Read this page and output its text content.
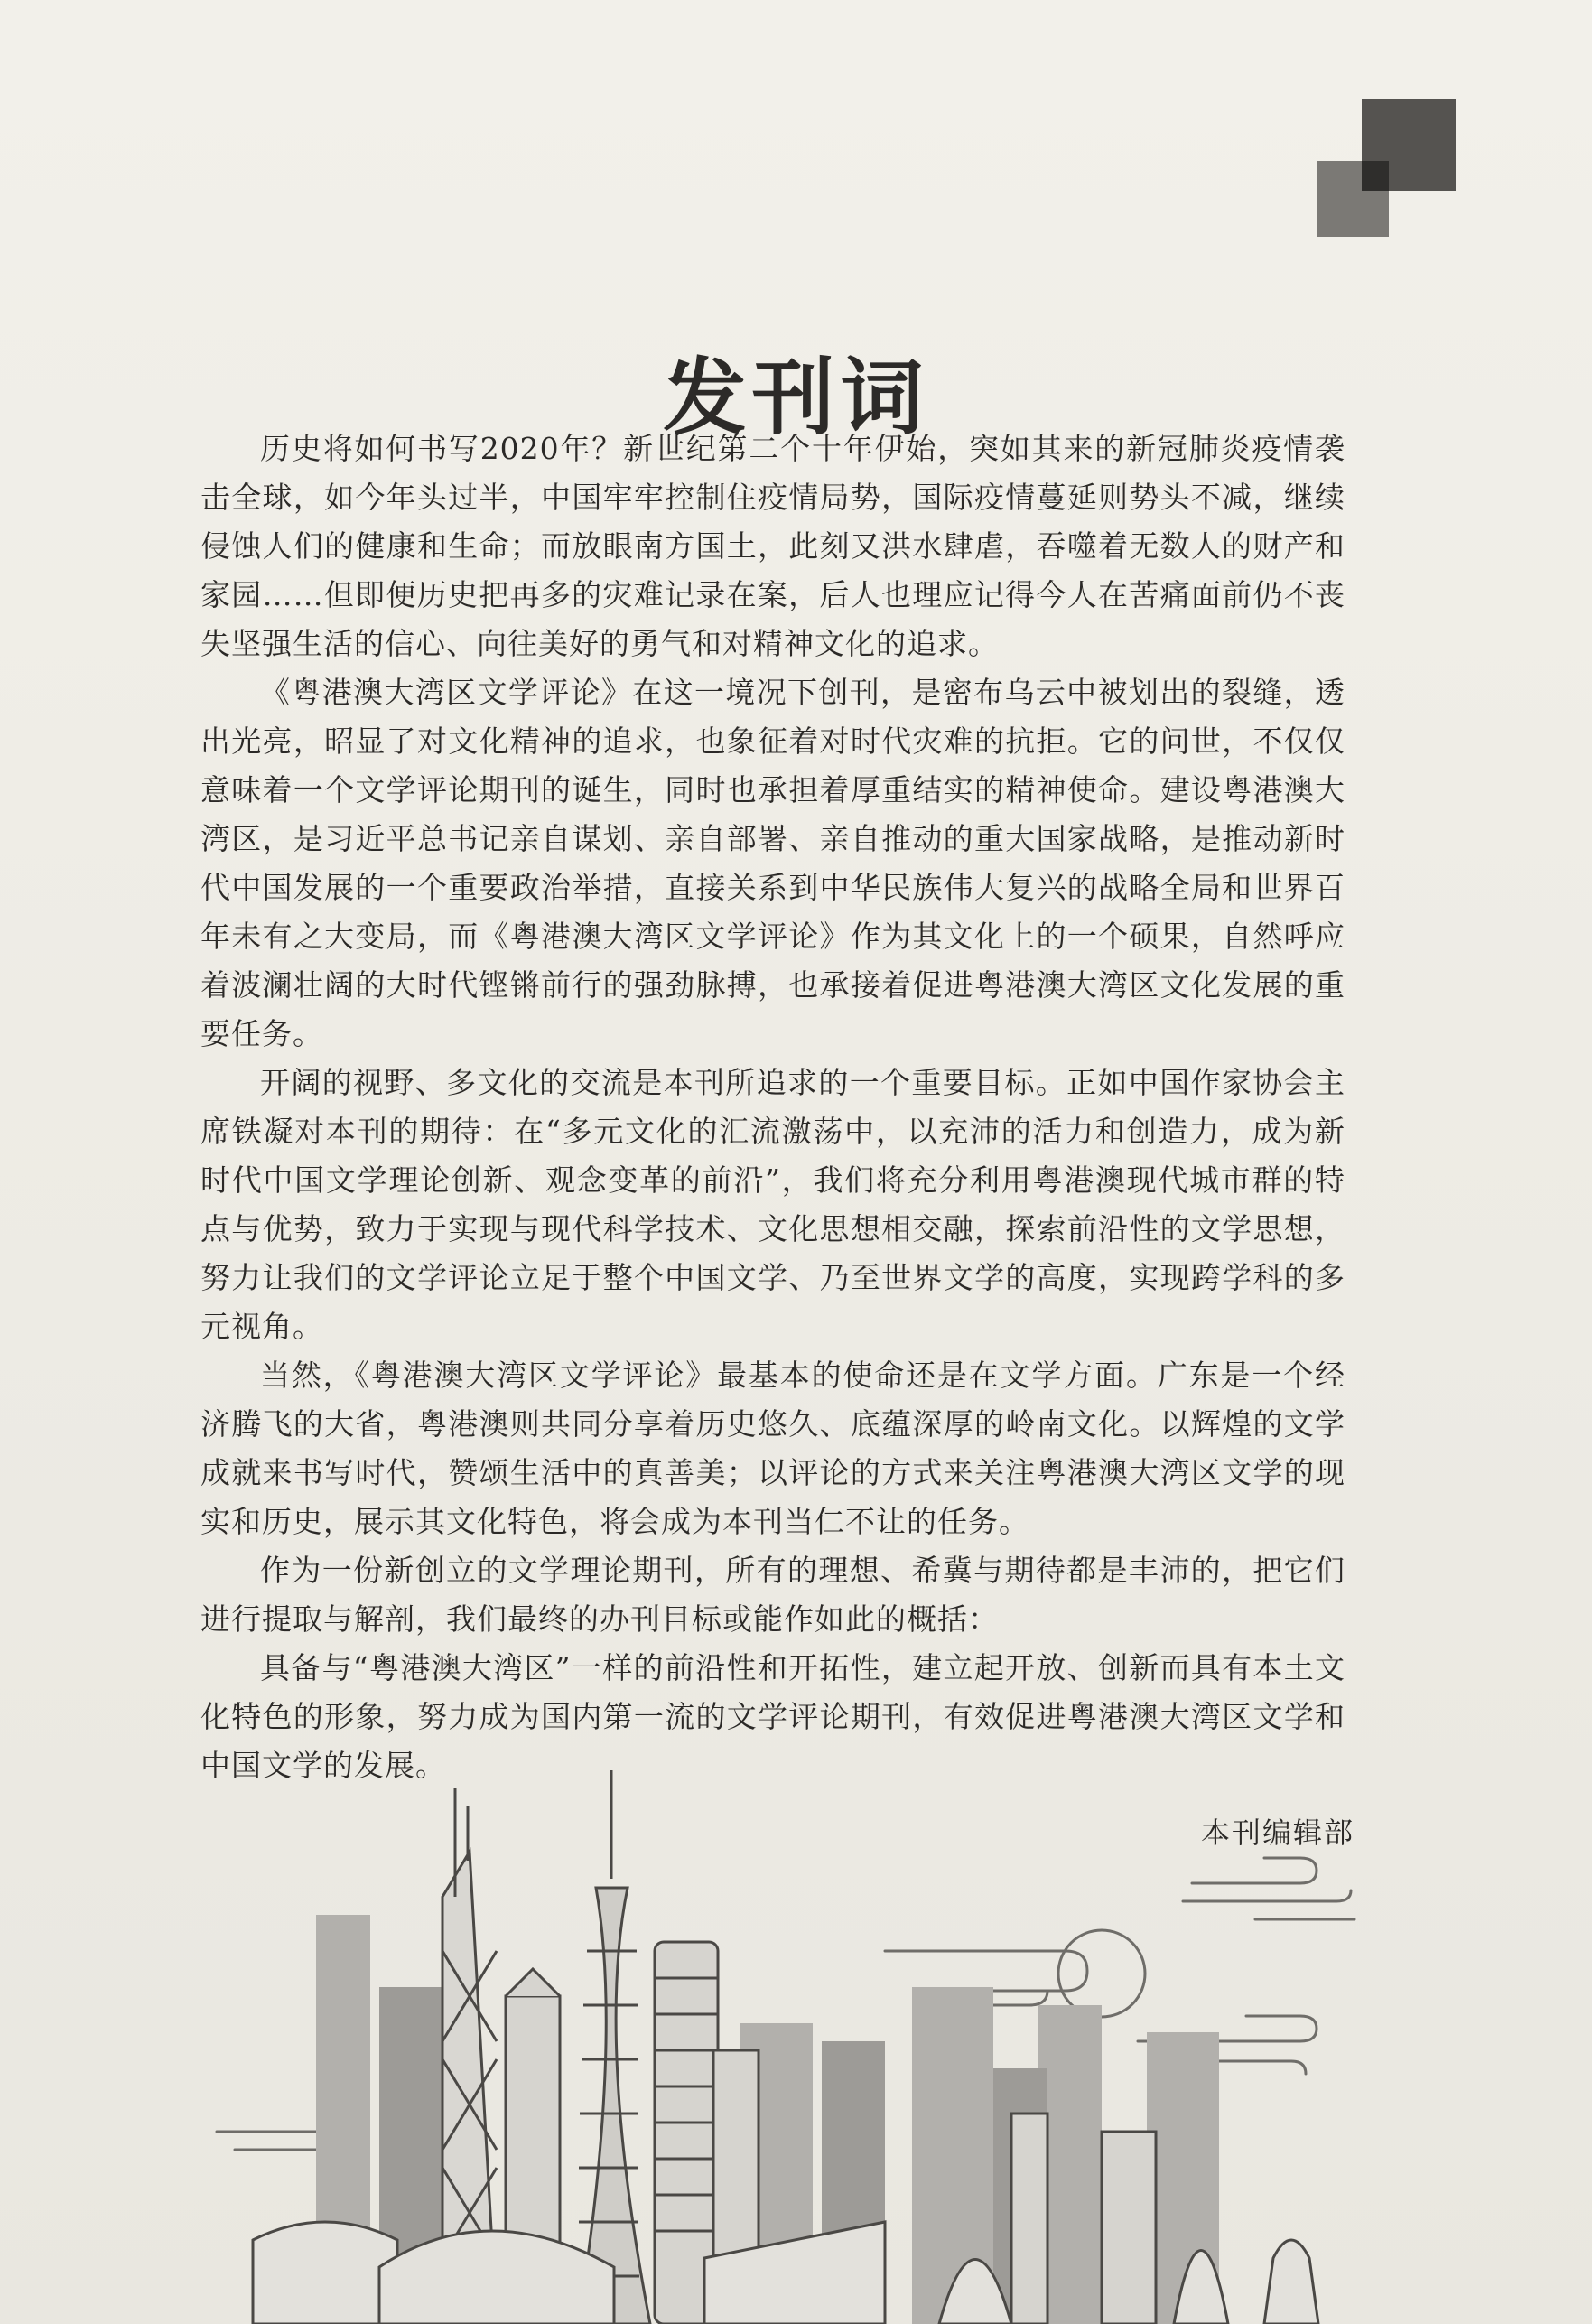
发刊词

历史将如何书写2020年？新世纪第二个十年伊始，突如其来的新冠肺炎疫情袭击全球，如今年头过半，中国牢牢控制住疫情局势，国际疫情蔓延则势头不减，继续侵蚀人们的健康和生命；而放眼南方国土，此刻又洪水肆虐，吞噬着无数人的财产和家园……但即便历史把再多的灾难记录在案，后人也理应记得今人在苦痛面前仍不丧失坚强生活的信心、向往美好的勇气和对精神文化的追求。

《粤港澳大湾区文学评论》在这一境况下创刊，是密布乌云中被划出的裂缝，透出光亮，昭显了对文化精神的追求，也象征着对时代灾难的抗拒。它的问世，不仅仅意味着一个文学评论期刊的诞生，同时也承担着厚重结实的精神使命。建设粤港澳大湾区，是习近平总书记亲自谋划、亲自部署、亲自推动的重大国家战略，是推动新时代中国发展的一个重要政治举措，直接关系到中华民族伟大复兴的战略全局和世界百年未有之大变局，而《粤港澳大湾区文学评论》作为其文化上的一个硕果，自然呼应着波澜壮阔的大时代铿锵前行的强劲脉搏，也承接着促进粤港澳大湾区文化发展的重要任务。

开阔的视野、多文化的交流是本刊所追求的一个重要目标。正如中国作家协会主席铁凝对本刊的期待：在“多元文化的汇流激荡中，以充沛的活力和创造力，成为新时代中国文学理论创新、观念变革的前沿”，我们将充分利用粤港澳现代城市群的特点与优势，致力于实现与现代科学技术、文化思想相交融，探索前沿性的文学思想，努力让我们的文学评论立足于整个中国文学、乃至世界文学的高度，实现跨学科的多元视角。

当然，《粤港澳大湾区文学评论》最基本的使命还是在文学方面。广东是一个经济腾飞的大省，粤港澳则共同分享着历史悠久、底蕴深厚的岭南文化。以辉煌的文学成就来书写时代，赞颂生活中的真善美；以评论的方式来关注粤港澳大湾区文学的现实和历史，展示其文化特色，将会成为本刊当仁不让的任务。

作为一份新创立的文学理论期刊，所有的理想、希冀与期待都是丰沛的，把它们进行提取与解剖，我们最终的办刊目标或能作如此的概括：

具备与“粤港澳大湾区”一样的前沿性和开拓性，建立起开放、创新而具有本土文化特色的形象，努力成为国内第一流的文学评论期刊，有效促进粤港澳大湾区文学和中国文学的发展。

本刊编辑部
